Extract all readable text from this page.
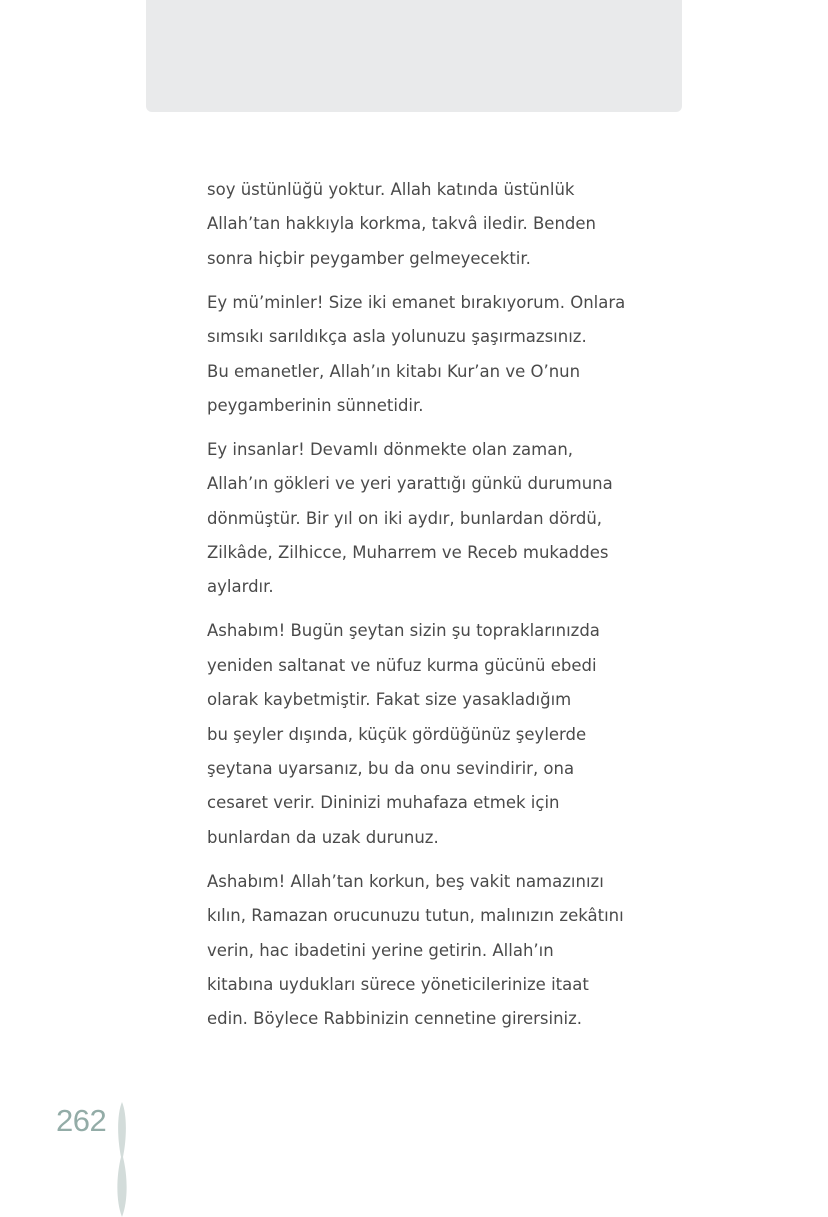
soy üstünlüğü yoktur. Allah katında üstünlük
Allah’tan hakkıyla korkma, takvâ iledir. Benden
sonra hiçbir peygamber gelmeyecektir.

Ey mü’minler! Size iki emanet bırakıyorum. Onlara
sımsıkı sarıldıkça asla yolunuzu şaşırmazsınız.
Bu emanetler, Allah’ın kitabı Kur’an ve O’nun
peygamberinin sünnetidir.

Ey insanlar! Devamlı dönmekte olan zaman,
Allah’ın gökleri ve yeri yarattığı günkü durumuna
dönmüştür. Bir yıl on iki aydır, bunlardan dördü,
Zilkâde, Zilhicce, Muharrem ve Receb mukaddes
aylardır.

Ashabım! Bugün şeytan sizin şu topraklarınızda
yeniden saltanat ve nüfuz kurma gücünü ebedi
olarak kaybetmiştir. Fakat size yasakladığım
bu şeyler dışında, küçük gördüğünüz şeylerde
şeytana uyarsanız, bu da onu sevindirir, ona
cesaret verir. Dininizi muhafaza etmek için
bunlardan da uzak durunuz.

Ashabım! Allah’tan korkun, beş vakit namazınızı
kılın, Ramazan orucunuzu tutun, malınızın zekâtını
verin, hac ibadetini yerine getirin. Allah’ın
kitabına uydukları sürece yöneticilerinize itaat
edin. Böylece Rabbinizin cennetine girersiniz.

262
